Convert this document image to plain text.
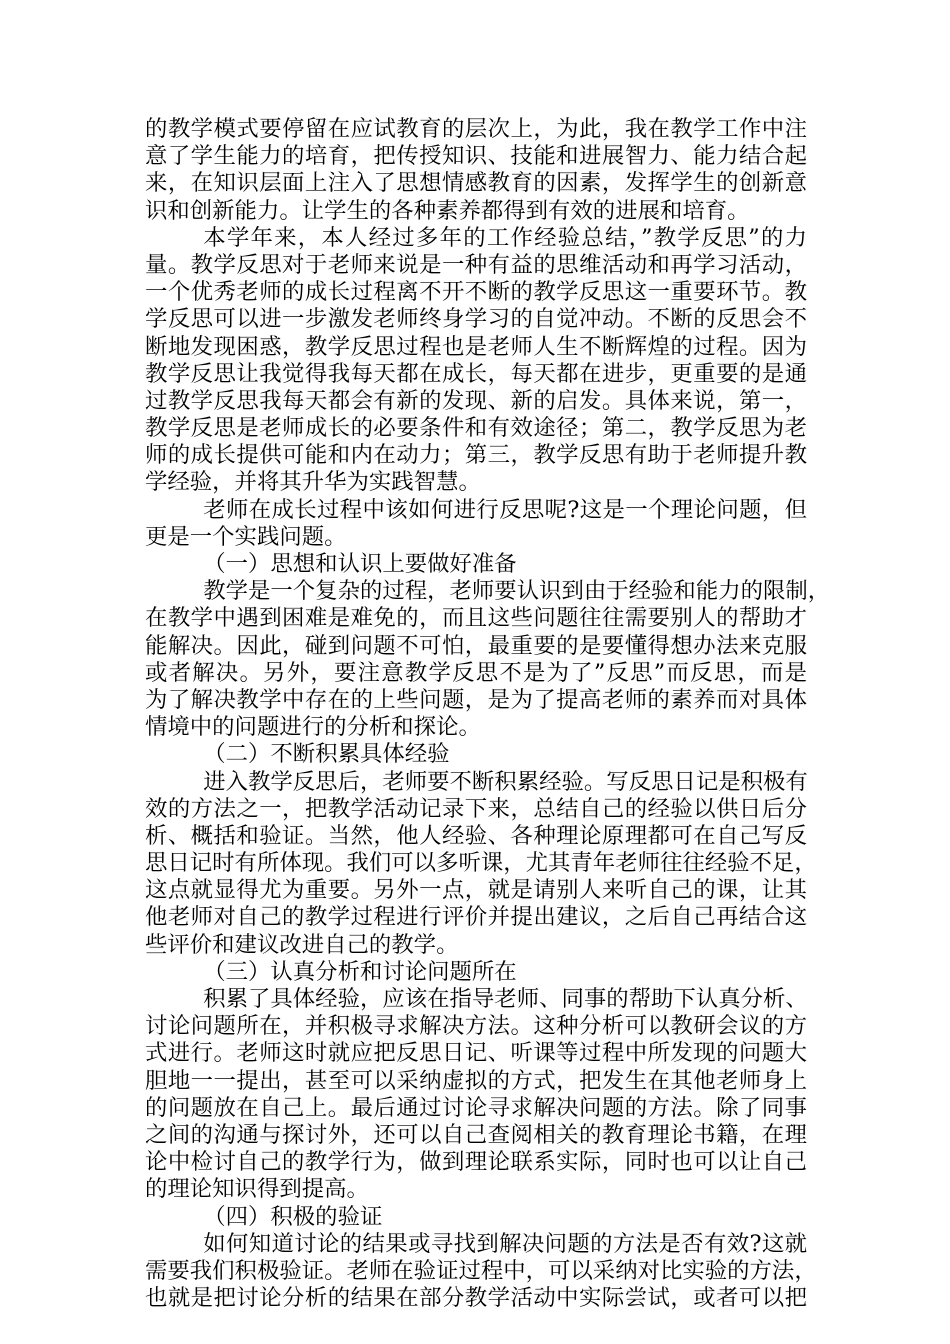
的教学模式要停留在应试教育的层次上，为此，我在教学工作中注
意了学生能力的培育，把传授知识、技能和进展智力、能力结合起
来，在知识层面上注入了思想情感教育的因素，发挥学生的创新意
识和创新能力。让学生的各种素养都得到有效的进展和培育。
本学年来，本人经过多年的工作经验总结，”教学反思”的力
量。教学反思对于老师来说是一种有益的思维活动和再学习活动，
一个优秀老师的成长过程离不开不断的教学反思这一重要环节。教
学反思可以进一步激发老师终身学习的自觉冲动。不断的反思会不
断地发现困惑，教学反思过程也是老师人生不断辉煌的过程。因为
教学反思让我觉得我每天都在成长，每天都在进步，更重要的是通
过教学反思我每天都会有新的发现、新的启发。具体来说，第一，
教学反思是老师成长的必要条件和有效途径；第二，教学反思为老
师的成长提供可能和内在动力；第三，教学反思有助于老师提升教
学经验，并将其升华为实践智慧。
老师在成长过程中该如何进行反思呢?这是一个理论问题，但
更是一个实践问题。
（一）思想和认识上要做好准备
教学是一个复杂的过程，老师要认识到由于经验和能力的限制，
在教学中遇到困难是难免的，而且这些问题往往需要别人的帮助才
能解决。因此，碰到问题不可怕，最重要的是要懂得想办法来克服
或者解决。另外，要注意教学反思不是为了”反思”而反思，而是
为了解决教学中存在的上些问题，是为了提高老师的素养而对具体
情境中的问题进行的分析和探论。
（二）不断积累具体经验
进入教学反思后，老师要不断积累经验。写反思日记是积极有
效的方法之一，把教学活动记录下来，总结自己的经验以供日后分
析、概括和验证。当然，他人经验、各种理论原理都可在自己写反
思日记时有所体现。我们可以多听课，尤其青年老师往往经验不足，
这点就显得尤为重要。另外一点，就是请别人来听自己的课，让其
他老师对自己的教学过程进行评价并提出建议，之后自己再结合这
些评价和建议改进自己的教学。
（三）认真分析和讨论问题所在
积累了具体经验，应该在指导老师、同事的帮助下认真分析、
讨论问题所在，并积极寻求解决方法。这种分析可以教研会议的方
式进行。老师这时就应把反思日记、听课等过程中所发现的问题大
胆地一一提出，甚至可以采纳虚拟的方式，把发生在其他老师身上
的问题放在自己上。最后通过讨论寻求解决问题的方法。除了同事
之间的沟通与探讨外，还可以自己查阅相关的教育理论书籍，在理
论中检讨自己的教学行为，做到理论联系实际，同时也可以让自己
的理论知识得到提高。
（四）积极的验证
如何知道讨论的结果或寻找到解决问题的方法是否有效?这就
需要我们积极验证。老师在验证过程中，可以采纳对比实验的方法，
也就是把讨论分析的结果在部分教学活动中实际尝试，或者可以把
